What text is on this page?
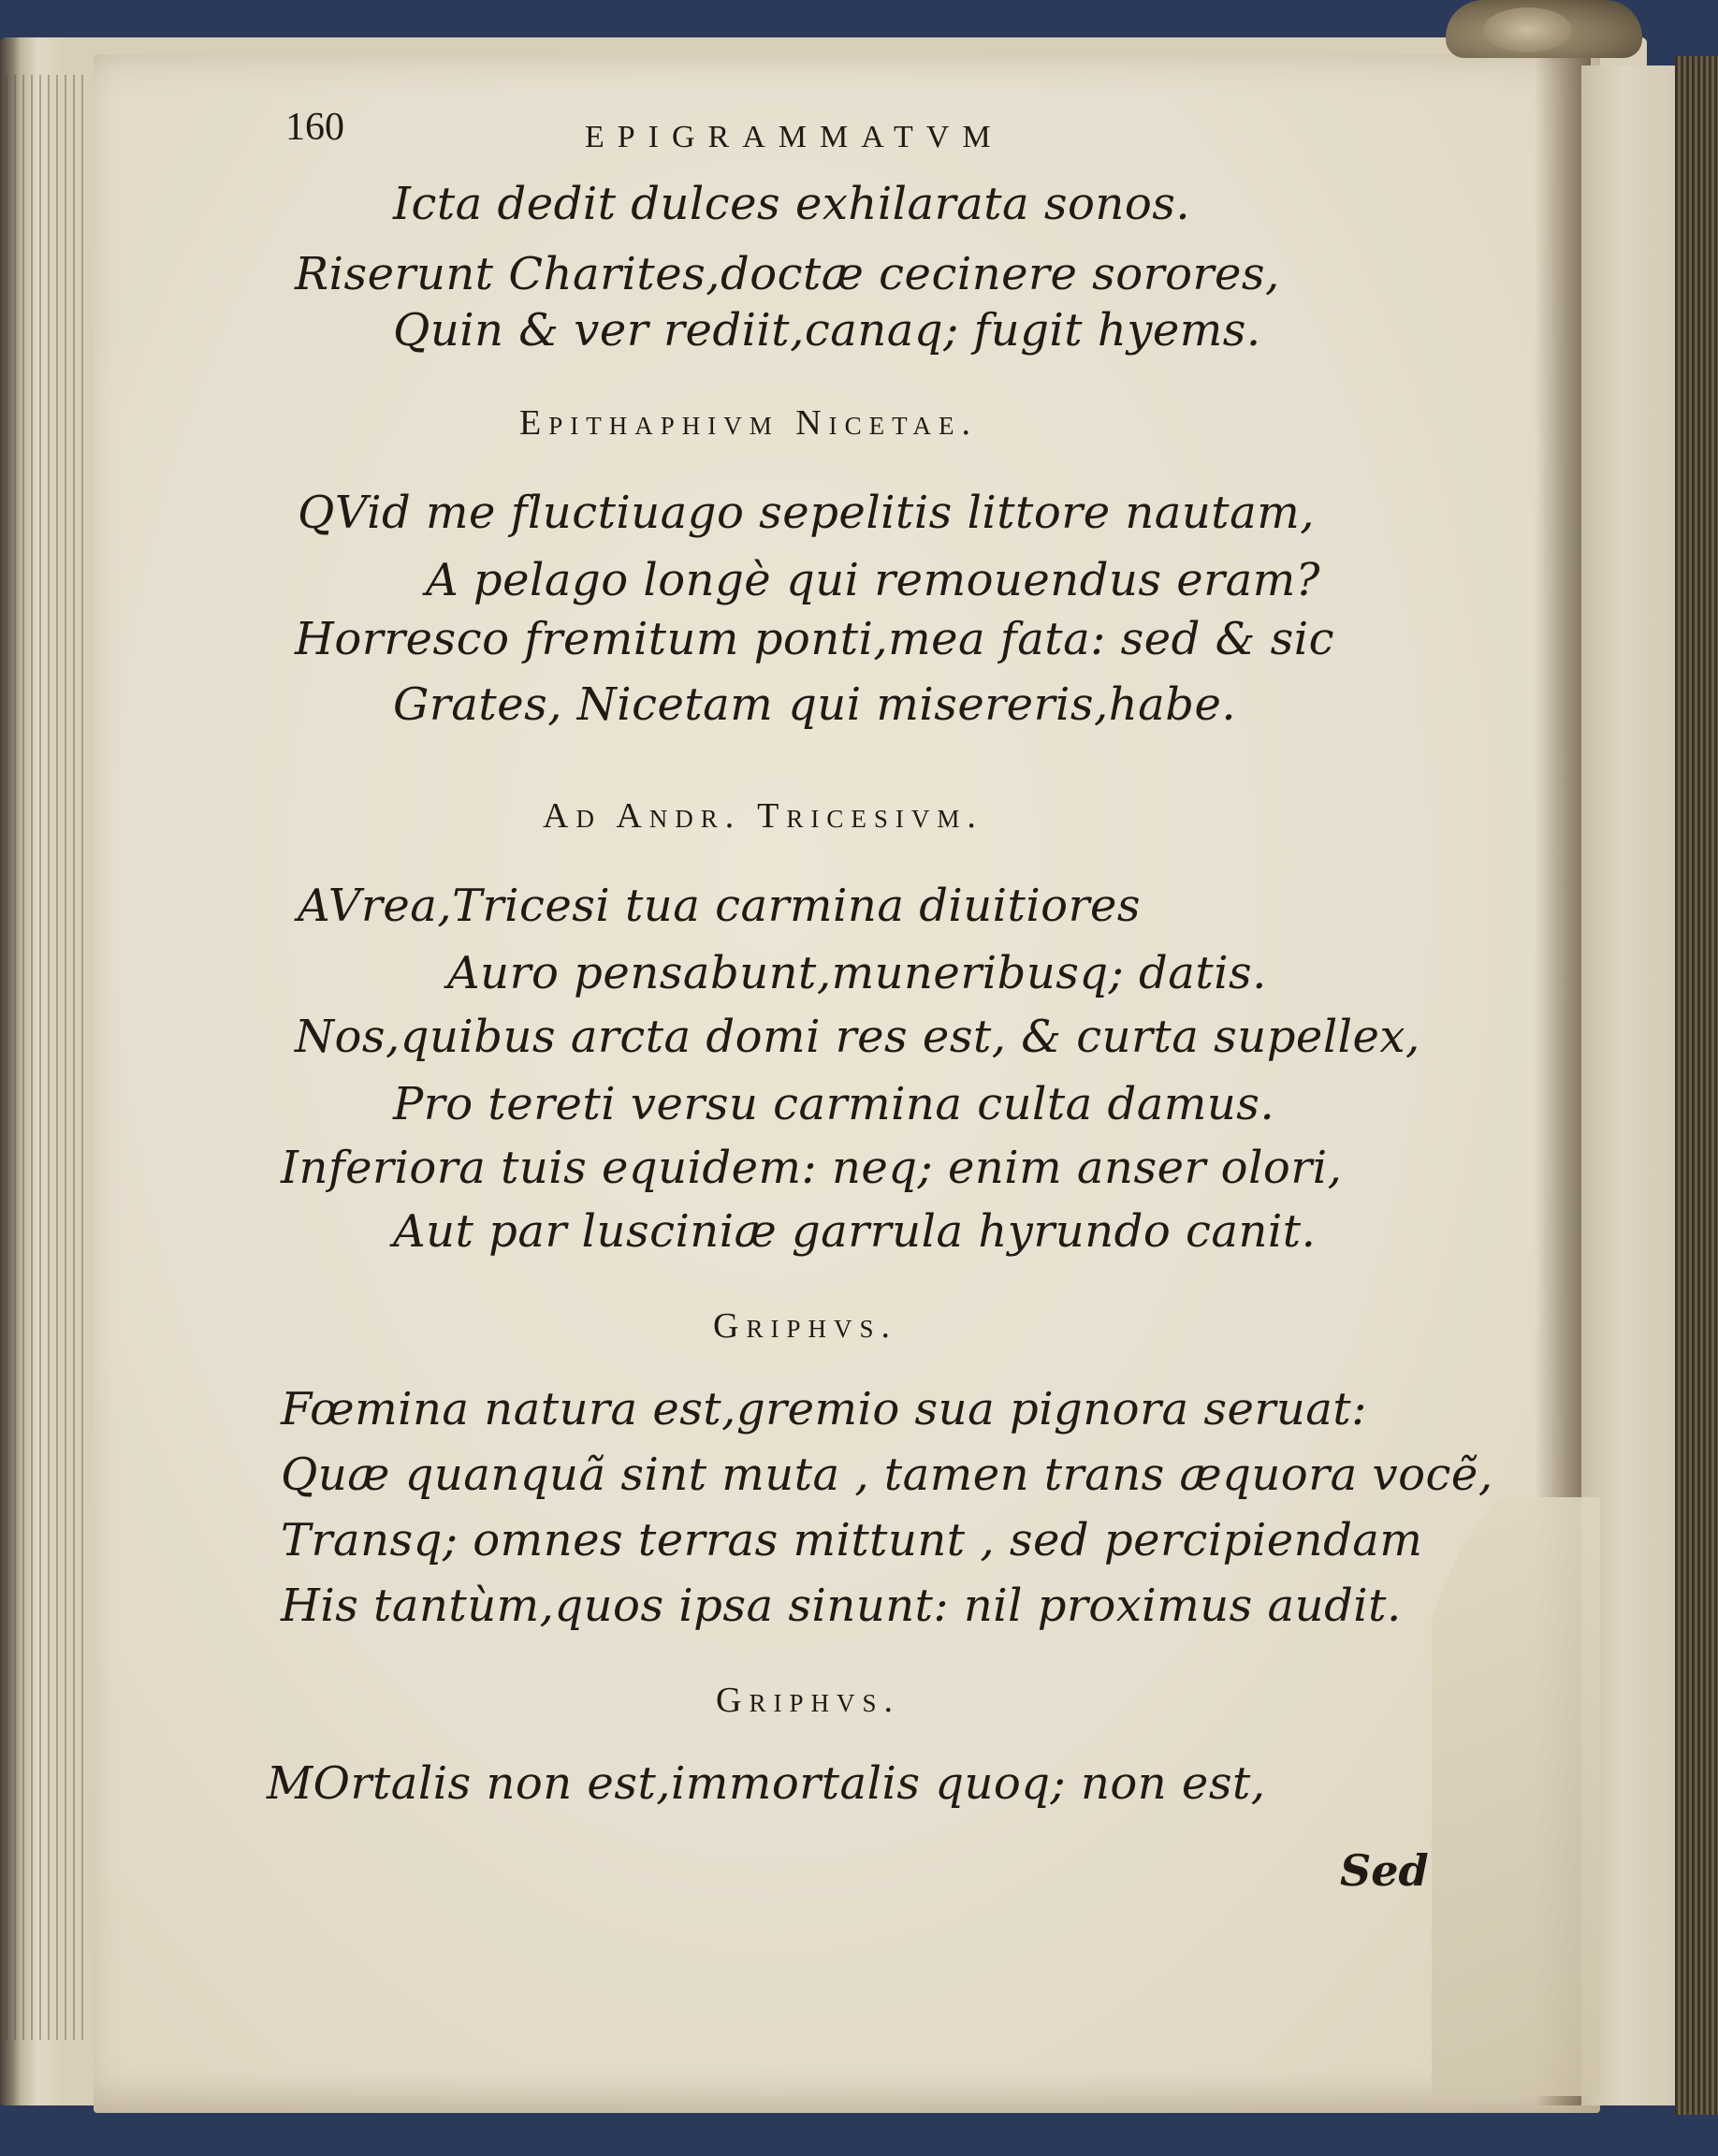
160	EPIGRAMMATVM
Icta dedit dulces exhilarata sonos.
Riserunt Charites,doctæ cecinere sorores,
Quin & ver rediit,canaq; fugit hyems.
Epithaphivm Nicetae.
QVid me fluctiuago sepelitis littore nautam,
A pelago longè qui remouendus eram?
Horresco fremitum ponti,mea fata: sed & sic
Grates, Nicetam qui misereris,habe.
Ad Andr. Tricesivm.
AVrea,Tricesi tua carmina diuitiores
Auro pensabunt,muneribusq; datis.
Nos,quibus arcta domi res est, & curta supellex,
Pro tereti versu carmina culta damus.
Inferiora tuis equidem: neq; enim anser olori,
Aut par lusciniæ garrula hyrundo canit.
Griphvs.
Fœmina natura est,gremio sua pignora seruat:
Quæ quanquã sint muta , tamen trans æquora vocẽ,
Transq; omnes terras mittunt , sed percipiendam
His tantùm,quos ipsa sinunt: nil proximus audit.
Griphvs.
MOrtalis non est,immortalis quoq; non est,
Sed
